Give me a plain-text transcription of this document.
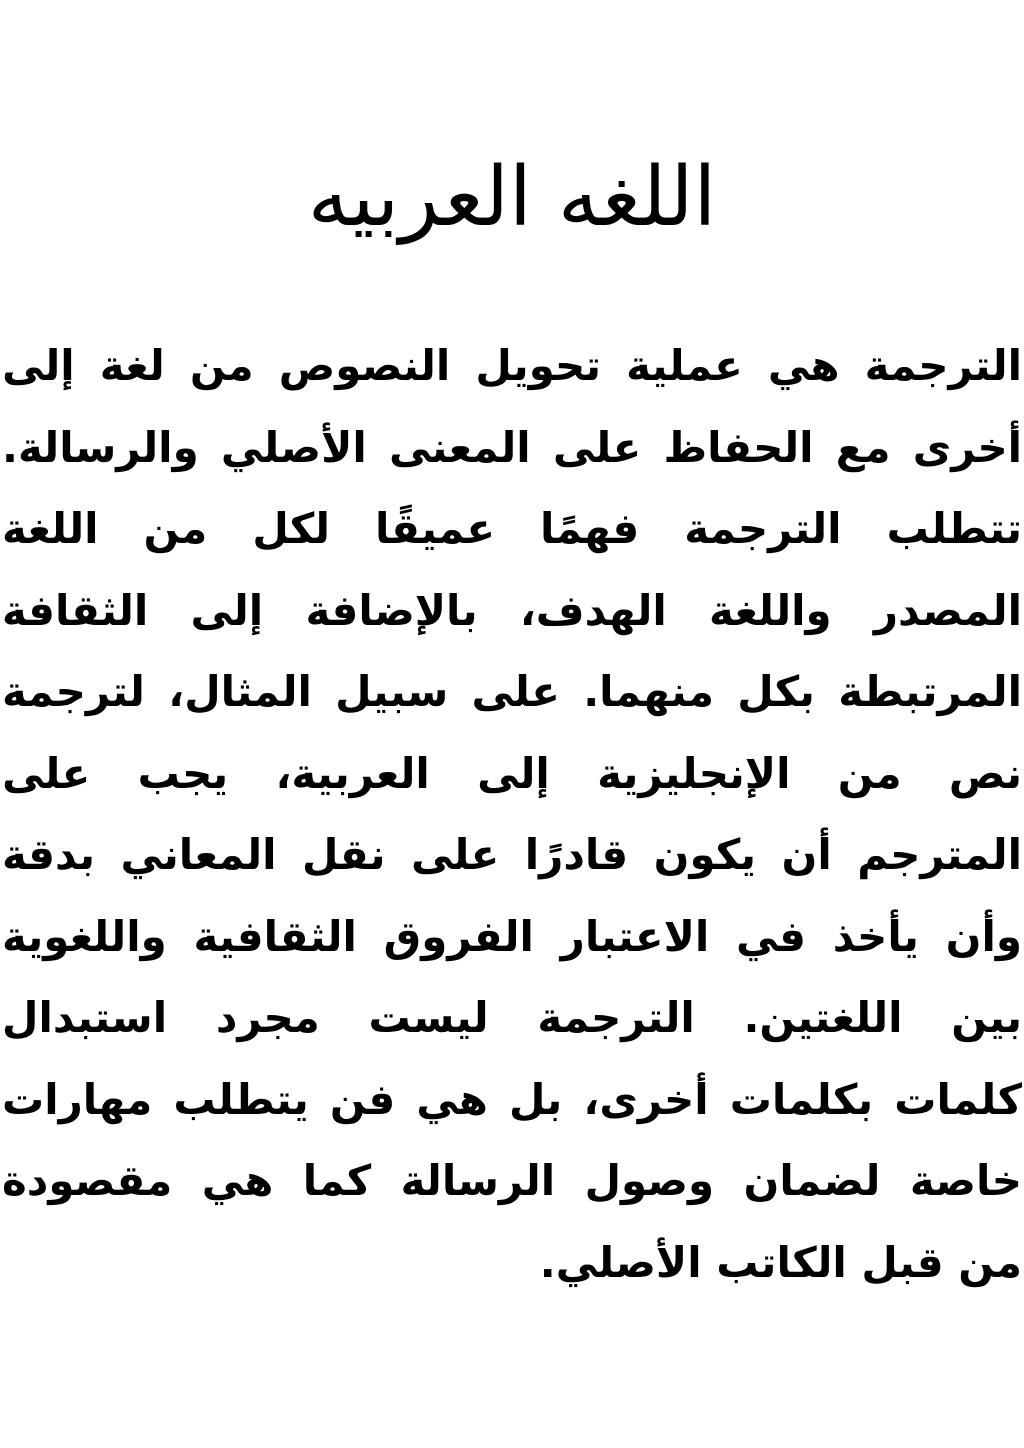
اللغه العربيه
الترجمة هي عملية تحويل النصوص من لغة إلى
أخرى مع الحفاظ على المعنى الأصلي والرسالة.
تتطلب الترجمة فهمًا عميقًا لكل من اللغة
المصدر واللغة الهدف، بالإضافة إلى الثقافة
المرتبطة بكل منهما. على سبيل المثال، لترجمة
نص من الإنجليزية إلى العربية، يجب على
المترجم أن يكون قادرًا على نقل المعاني بدقة
وأن يأخذ في الاعتبار الفروق الثقافية واللغوية
بين اللغتين. الترجمة ليست مجرد استبدال
كلمات بكلمات أخرى، بل هي فن يتطلب مهارات
خاصة لضمان وصول الرسالة كما هي مقصودة
من قبل الكاتب الأصلي.
